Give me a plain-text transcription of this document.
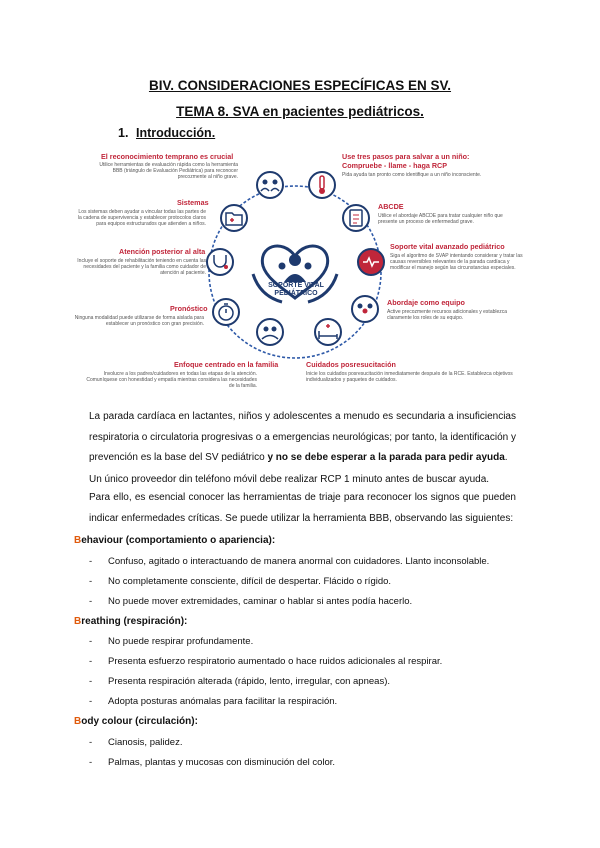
BIV. CONSIDERACIONES ESPECÍFICAS EN SV.
TEMA 8. SVA en pacientes pediátricos.
1. Introducción.
SOPORTE VITAL
PEDIÁTRICO
El reconocimiento temprano es crucial
Utilice herramientas de evaluación rápida como la herramienta BBB (triángulo de Evaluación Pediátrica) para reconocer precozmente al niño grave.
Sistemas
Los sistemas deben ayudar a vincular todas las partes de la cadena de supervivencia y establecer protocolos claros para equipos estructurados que atienden a niños.
Atención posterior al alta
Incluye el soporte de rehabilitación teniendo en cuenta las necesidades del paciente y la familia como cuidador de atención al paciente.
Pronóstico
Ninguna modalidad puede utilizarse de forma aislada para establecer un pronóstico con gran precisión.
Use tres pasos para salvar a un niño:
Compruebe - llame - haga RCP
Pida ayuda tan pronto como identifique a un niño inconsciente.
ABCDE
Utilice el abordaje ABCDE para tratar cualquier niño que presente un proceso de enfermedad grave.
Soporte vital avanzado pediátrico
Siga el algoritmo de SVAP intentando considerar y tratar las causas reversibles relevantes de la parada cardíaca y modificar el manejo según las circunstancias especiales.
Abordaje como equipo
Active precozmente recursos adicionales y establezca claramente los roles de su equipo.
Enfoque centrado en la familia
Involucre a los padres/cuidadores en todas las etapas de la atención. Comuníquese con honestidad y empatía mientras considera las necesidades de la familia.
Cuidados posresucitación
Inicie los cuidados posresucitación inmediatamente después de la RCE. Establezca objetivos individualizados y paquetes de cuidados.
La parada cardíaca en lactantes, niños y adolescentes a menudo es secundaria a insuficiencias respiratoria o circulatoria progresivas o a emergencias neurológicas; por tanto, la identificación y prevención es la base del SV pediátrico y no se debe esperar a la parada para pedir ayuda.
Un único proveedor din teléfono móvil debe realizar RCP 1 minuto antes de buscar ayuda.
Para ello, es esencial conocer las herramientas de triaje para reconocer los signos que pueden indicar enfermedades críticas. Se puede utilizar la herramienta BBB, observando las siguientes:
Behaviour (comportamiento o apariencia):
- Confuso, agitado o interactuando de manera anormal con cuidadores. Llanto inconsolable.
- No completamente consciente, difícil de despertar. Flácido o rígido.
- No puede mover extremidades, caminar o hablar si antes podía hacerlo.
Breathing (respiración):
- No puede respirar profundamente.
- Presenta esfuerzo respiratorio aumentado o hace ruidos adicionales al respirar.
- Presenta respiración alterada (rápido, lento, irregular, con apneas).
- Adopta posturas anómalas para facilitar la respiración.
Body colour (circulación):
- Cianosis, palidez.
- Palmas, plantas y mucosas con disminución del color.
